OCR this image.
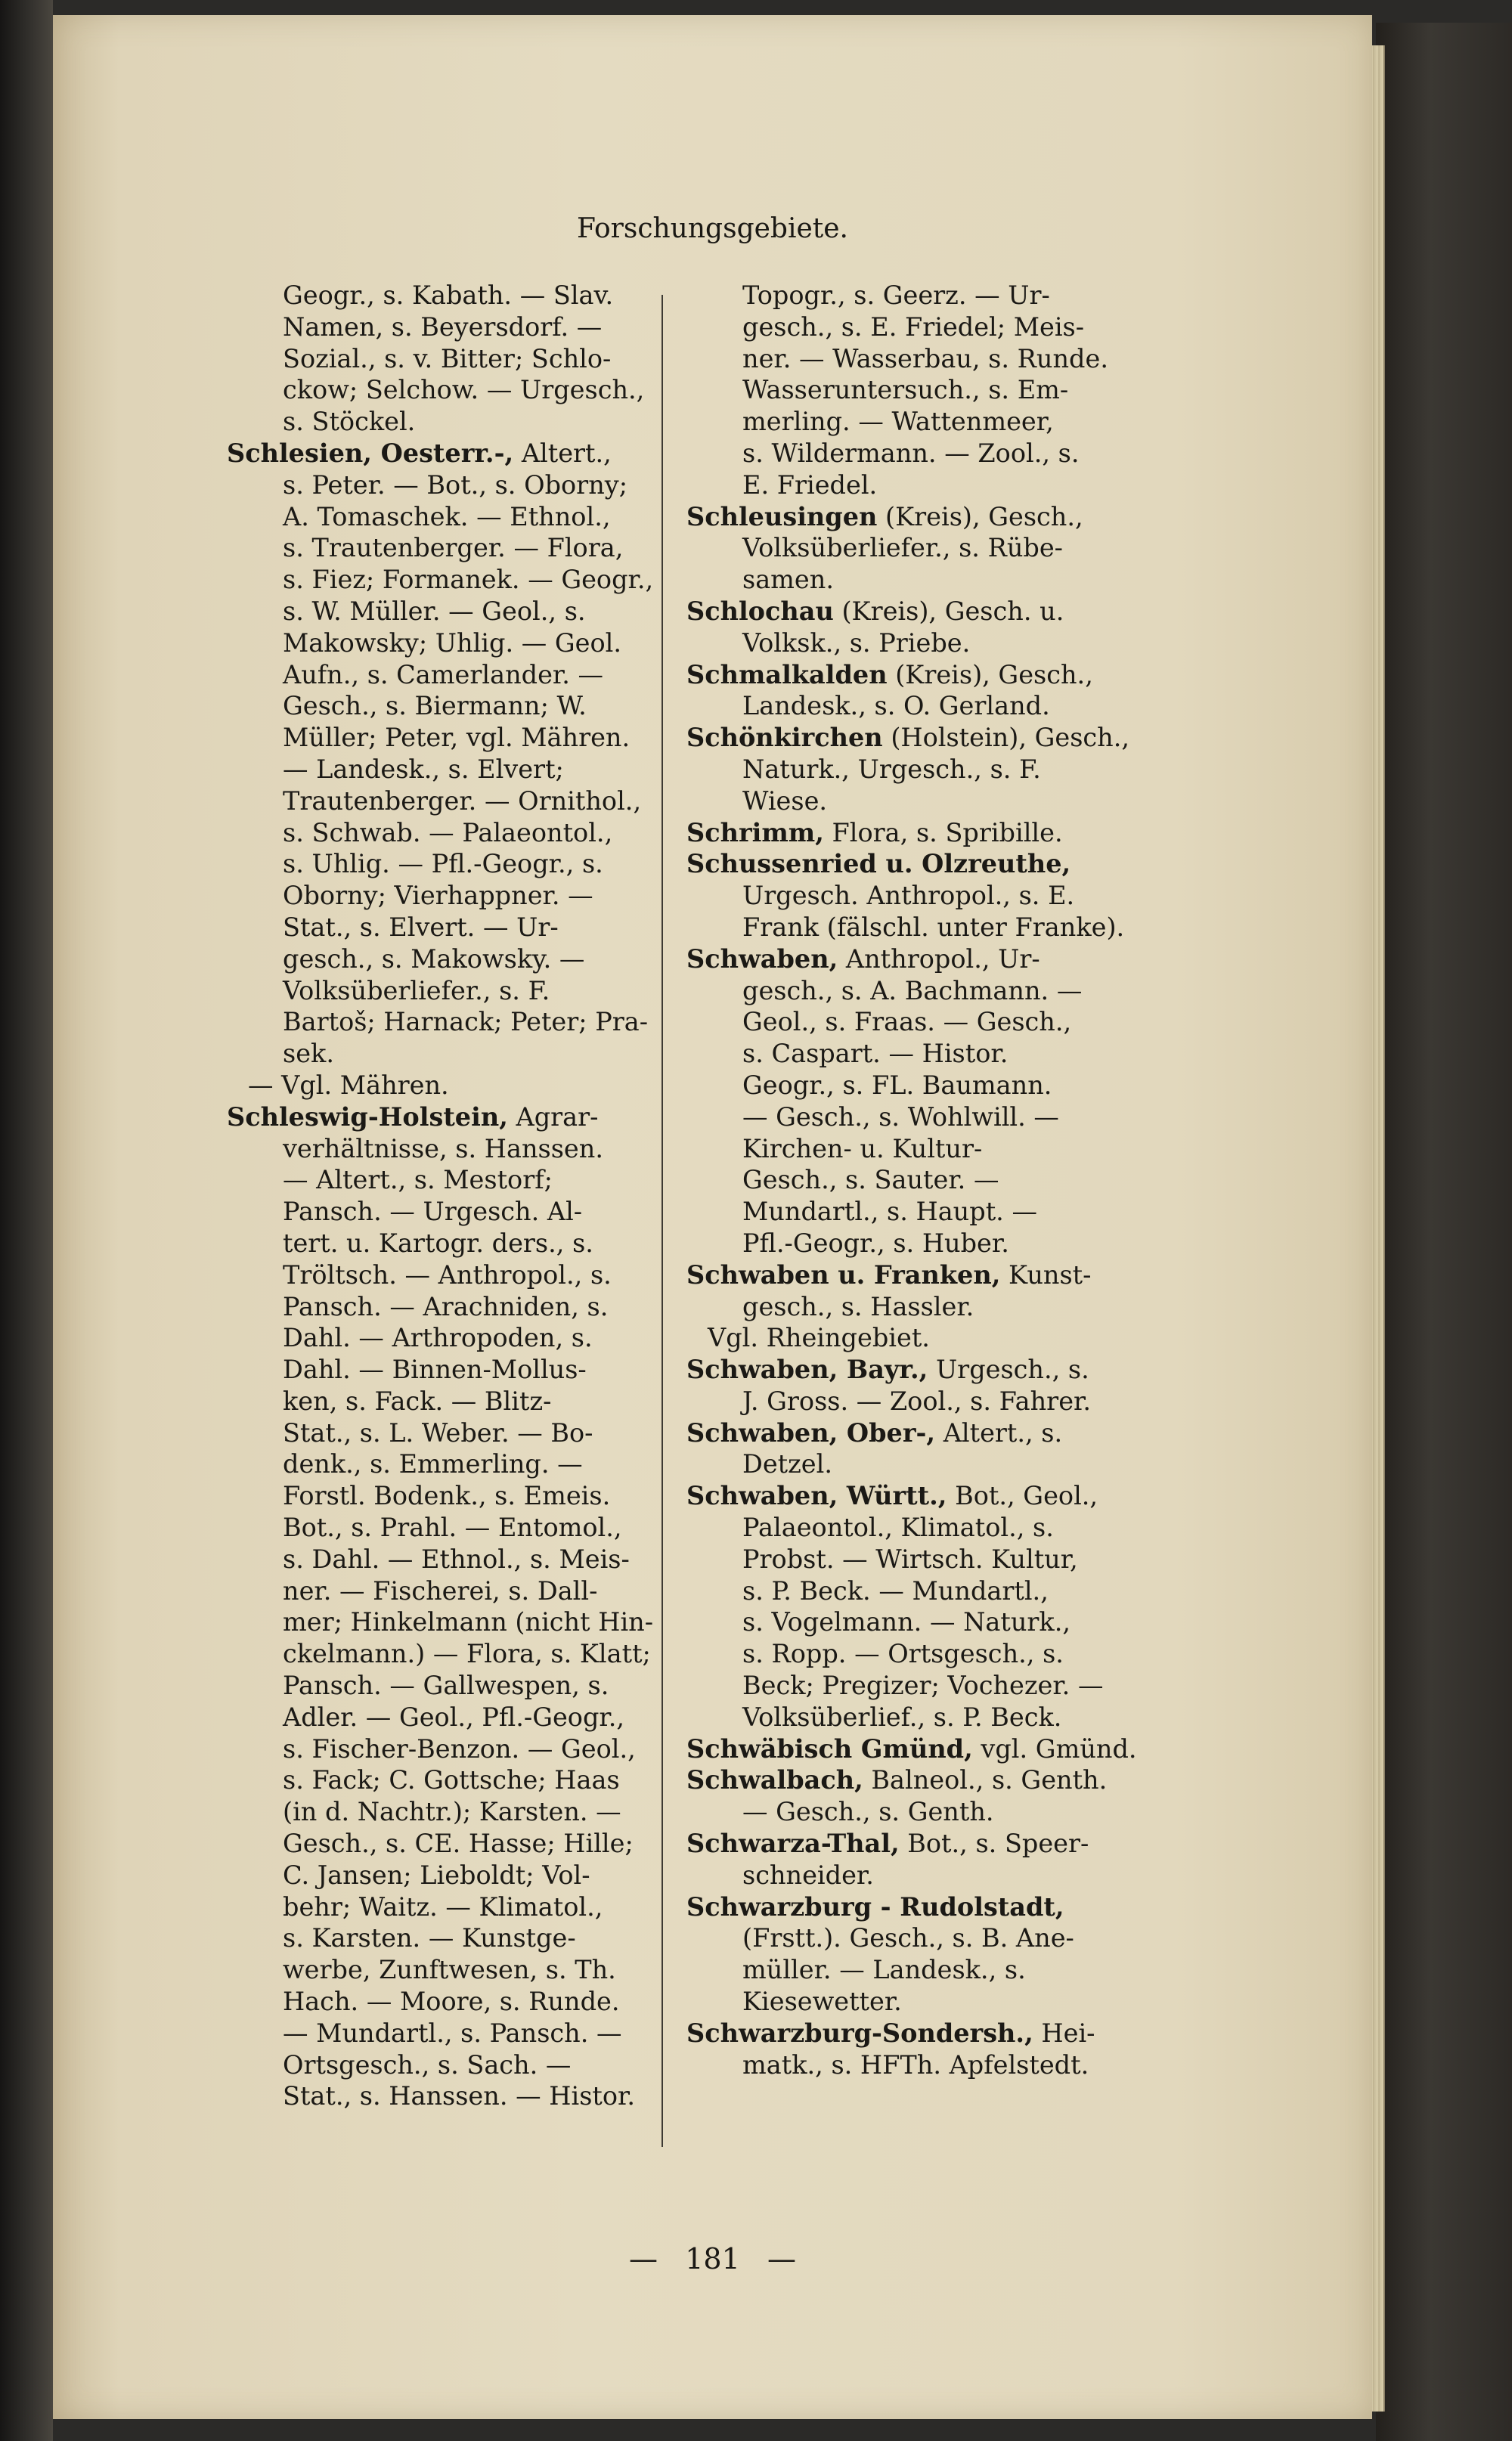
Forschungsgebiete.
Geogr., s. Kabath. — Slav.
Namen, s. Beyersdorf. —
Sozial., s. v. Bitter; Schlo-
ckow; Selchow. — Urgesch.,
s. Stöckel.
Schlesien, Oesterr.-, Altert.,
s. Peter. — Bot., s. Oborny;
A. Tomaschek. — Ethnol.,
s. Trautenberger. — Flora,
s. Fiez; Formanek. — Geogr.,
s. W. Müller. — Geol., s.
Makowsky; Uhlig. — Geol.
Aufn., s. Camerlander. —
Gesch., s. Biermann; W.
Müller; Peter, vgl. Mähren.
— Landesk., s. Elvert;
Trautenberger. — Ornithol.,
s. Schwab. — Palaeontol.,
s. Uhlig. — Pfl.-Geogr., s.
Oborny; Vierhappner. —
Stat., s. Elvert. — Ur-
gesch., s. Makowsky. —
Volksüberliefer., s. F.
Bartoš; Harnack; Peter; Pra-
sek.
— Vgl. Mähren.
Schleswig-Holstein, Agrar-
verhältnisse, s. Hanssen.
— Altert., s. Mestorf;
Pansch. — Urgesch. Al-
tert. u. Kartogr. ders., s.
Tröltsch. — Anthropol., s.
Pansch. — Arachniden, s.
Dahl. — Arthropoden, s.
Dahl. — Binnen-Mollus-
ken, s. Fack. — Blitz-
Stat., s. L. Weber. — Bo-
denk., s. Emmerling. —
Forstl. Bodenk., s. Emeis.
Bot., s. Prahl. — Entomol.,
s. Dahl. — Ethnol., s. Meis-
ner. — Fischerei, s. Dall-
mer; Hinkelmann (nicht Hin-
ckelmann.) — Flora, s. Klatt;
Pansch. — Gallwespen, s.
Adler. — Geol., Pfl.-Geogr.,
s. Fischer-Benzon. — Geol.,
s. Fack; C. Gottsche; Haas
(in d. Nachtr.); Karsten. —
Gesch., s. CE. Hasse; Hille;
C. Jansen; Lieboldt; Vol-
behr; Waitz. — Klimatol.,
s. Karsten. — Kunstge-
werbe, Zunftwesen, s. Th.
Hach. — Moore, s. Runde.
— Mundartl., s. Pansch. —
Ortsgesch., s. Sach. —
Stat., s. Hanssen. — Histor.
Topogr., s. Geerz. — Ur-
gesch., s. E. Friedel; Meis-
ner. — Wasserbau, s. Runde.
Wasseruntersuch., s. Em-
merling. — Wattenmeer,
s. Wildermann. — Zool., s.
E. Friedel.
Schleusingen (Kreis), Gesch.,
Volksüberliefer., s. Rübe-
samen.
Schlochau (Kreis), Gesch. u.
Volksk., s. Priebe.
Schmalkalden (Kreis), Gesch.,
Landesk., s. O. Gerland.
Schönkirchen (Holstein), Gesch.,
Naturk., Urgesch., s. F.
Wiese.
Schrimm, Flora, s. Spribille.
Schussenried u. Olzreuthe,
Urgesch. Anthropol., s. E.
Frank (fälschl. unter Franke).
Schwaben, Anthropol., Ur-
gesch., s. A. Bachmann. —
Geol., s. Fraas. — Gesch.,
s. Caspart. — Histor.
Geogr., s. FL. Baumann.
— Gesch., s. Wohlwill. —
Kirchen- u. Kultur-
Gesch., s. Sauter. —
Mundartl., s. Haupt. —
Pfl.-Geogr., s. Huber.
Schwaben u. Franken, Kunst-
gesch., s. Hassler.
Vgl. Rheingebiet.
Schwaben, Bayr., Urgesch., s.
J. Gross. — Zool., s. Fahrer.
Schwaben, Ober-, Altert., s.
Detzel.
Schwaben, Württ., Bot., Geol.,
Palaeontol., Klimatol., s.
Probst. — Wirtsch. Kultur,
s. P. Beck. — Mundartl.,
s. Vogelmann. — Naturk.,
s. Ropp. — Ortsgesch., s.
Beck; Pregizer; Vochezer. —
Volksüberlief., s. P. Beck.
Schwäbisch Gmünd, vgl. Gmünd.
Schwalbach, Balneol., s. Genth.
— Gesch., s. Genth.
Schwarza-Thal, Bot., s. Speer-
schneider.
Schwarzburg - Rudolstadt,
(Frstt.). Gesch., s. B. Ane-
müller. — Landesk., s.
Kiesewetter.
Schwarzburg-Sondersh., Hei-
matk., s. HFTh. Apfelstedt.
— 181 —
